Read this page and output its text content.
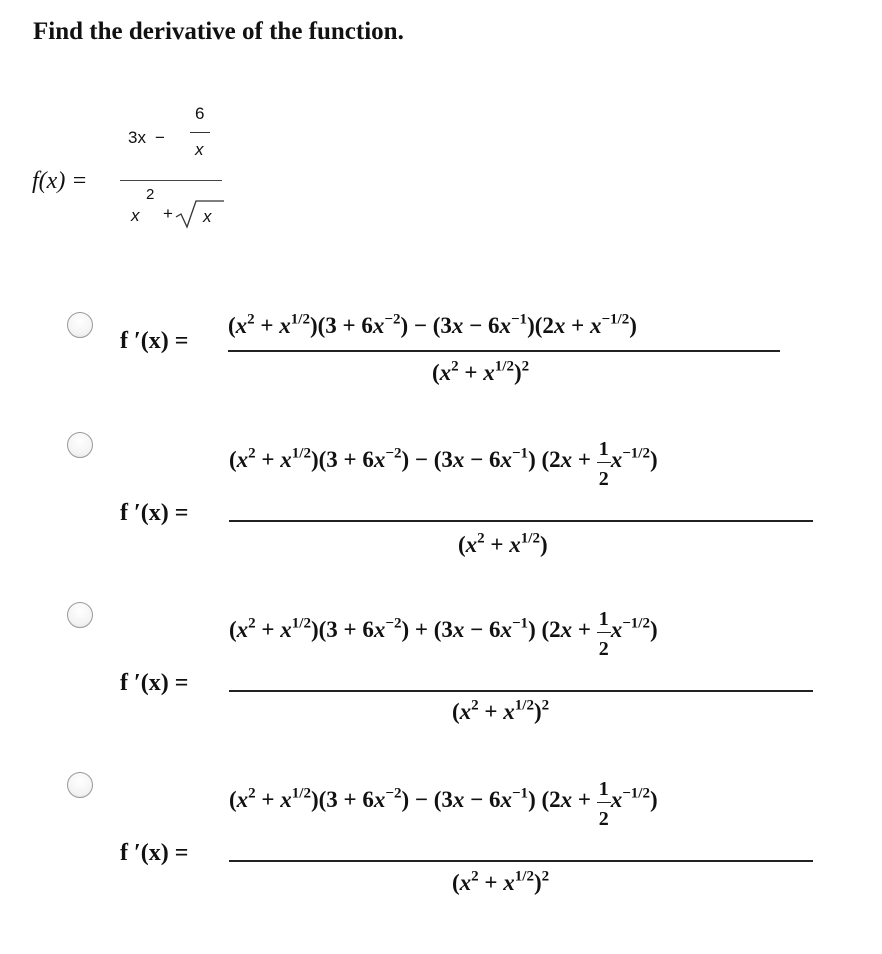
Find the derivative of the function.
f(x) =
3x −
6
x
2
x + x
f ′(x) =
$(x^2 + x^{1/2})(3 + 6x^{-2}) - (3x - 6x^{-1})(2x + x^{-1/2})$
$(x^2 + x^{1/2})^2$
f ′(x) =
$(x^2 + x^{1/2})(3 + 6x^{-2}) - (3x - 6x^{-1}) (2x + \frac{1}{2} x^{-1/2})$
$(x^2 + x^{1/2})$
f ′(x) =
$(x^2 + x^{1/2})(3 + 6x^{-2}) + (3x - 6x^{-1}) (2x + \frac{1}{2} x^{-1/2})$
$(x^2 + x^{1/2})^2$
f ′(x) =
$(x^2 + x^{1/2})(3 + 6x^{-2}) - (3x - 6x^{-1}) (2x + \frac{1}{2} x^{-1/2})$
$(x^2 + x^{1/2})^2$
